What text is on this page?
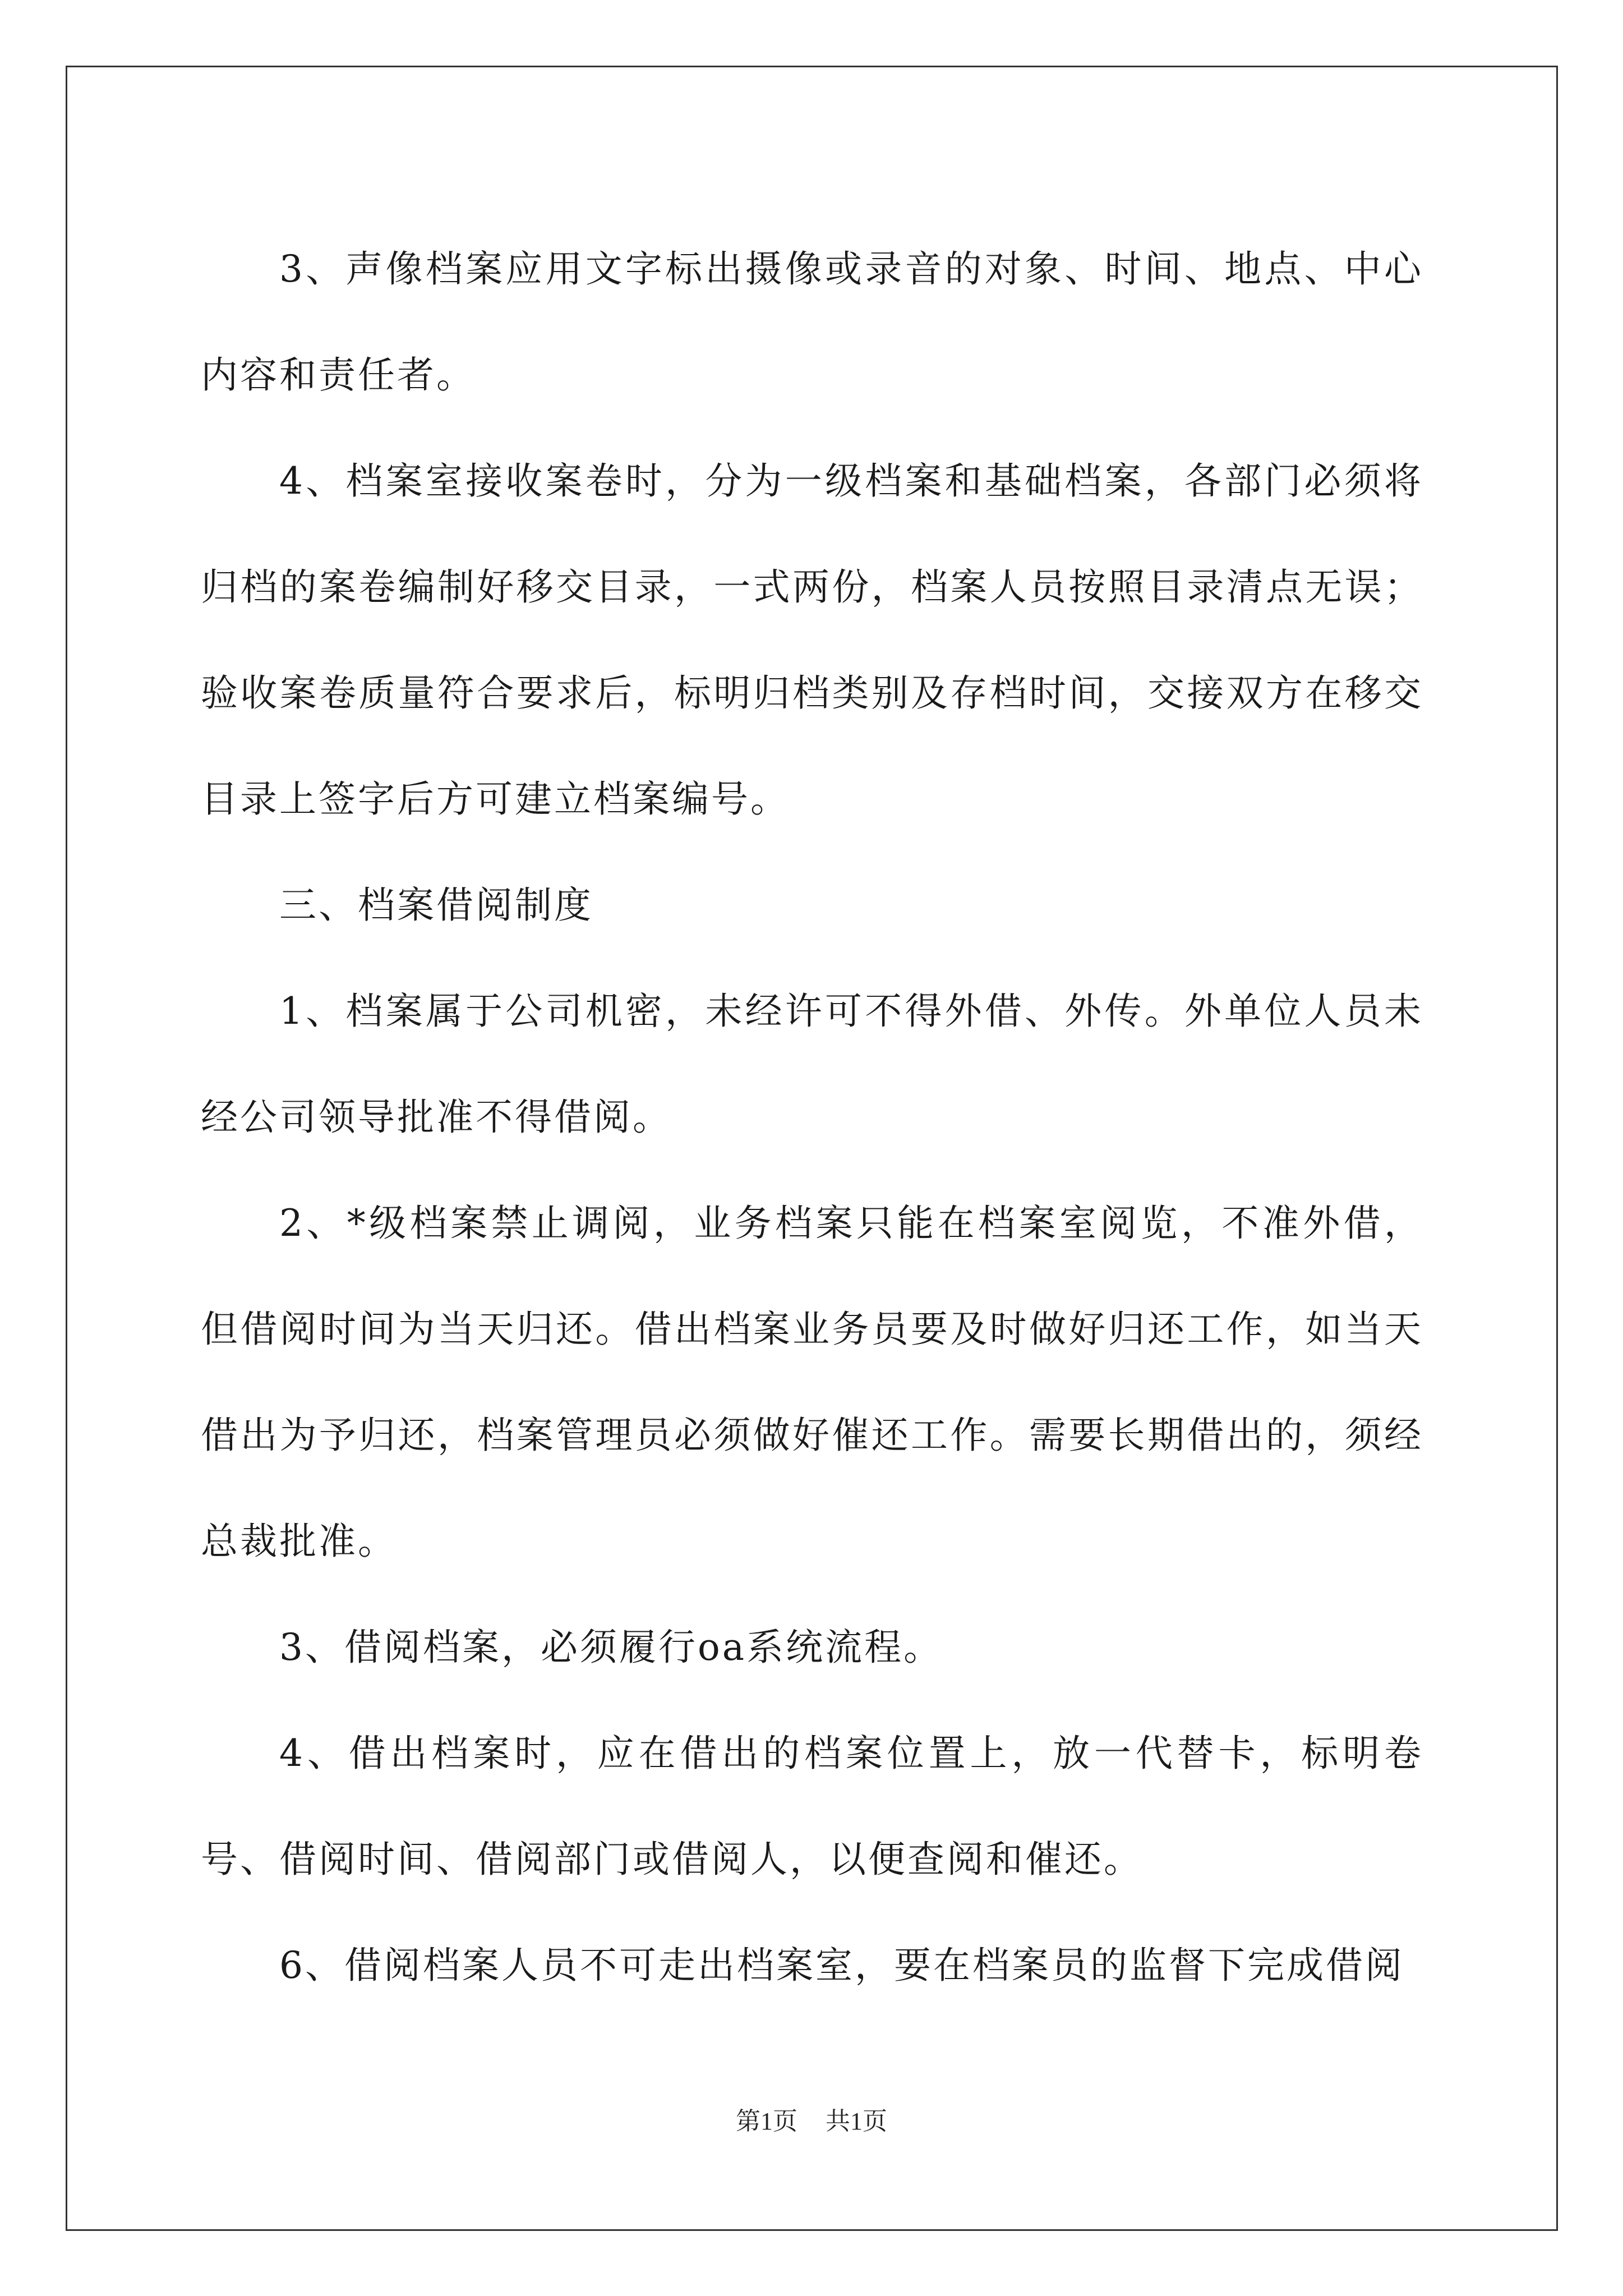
3、声像档案应用文字标出摄像或录音的对象、时间、地点、中心内容和责任者。

4、档案室接收案卷时，分为一级档案和基础档案，各部门必须将归档的案卷编制好移交目录，一式两份，档案人员按照目录清点无误；验收案卷质量符合要求后，标明归档类别及存档时间，交接双方在移交目录上签字后方可建立档案编号。

三、档案借阅制度

1、档案属于公司机密，未经许可不得外借、外传。外单位人员未经公司领导批准不得借阅。

2、*级档案禁止调阅，业务档案只能在档案室阅览，不准外借，但借阅时间为当天归还。借出档案业务员要及时做好归还工作，如当天借出为予归还，档案管理员必须做好催还工作。需要长期借出的，须经总裁批准。

3、借阅档案，必须履行oa系统流程。

4、借出档案时，应在借出的档案位置上，放一代替卡，标明卷号、借阅时间、借阅部门或借阅人，以便查阅和催还。

6、借阅档案人员不可走出档案室，要在档案员的监督下完成借阅

第1页 共1页
